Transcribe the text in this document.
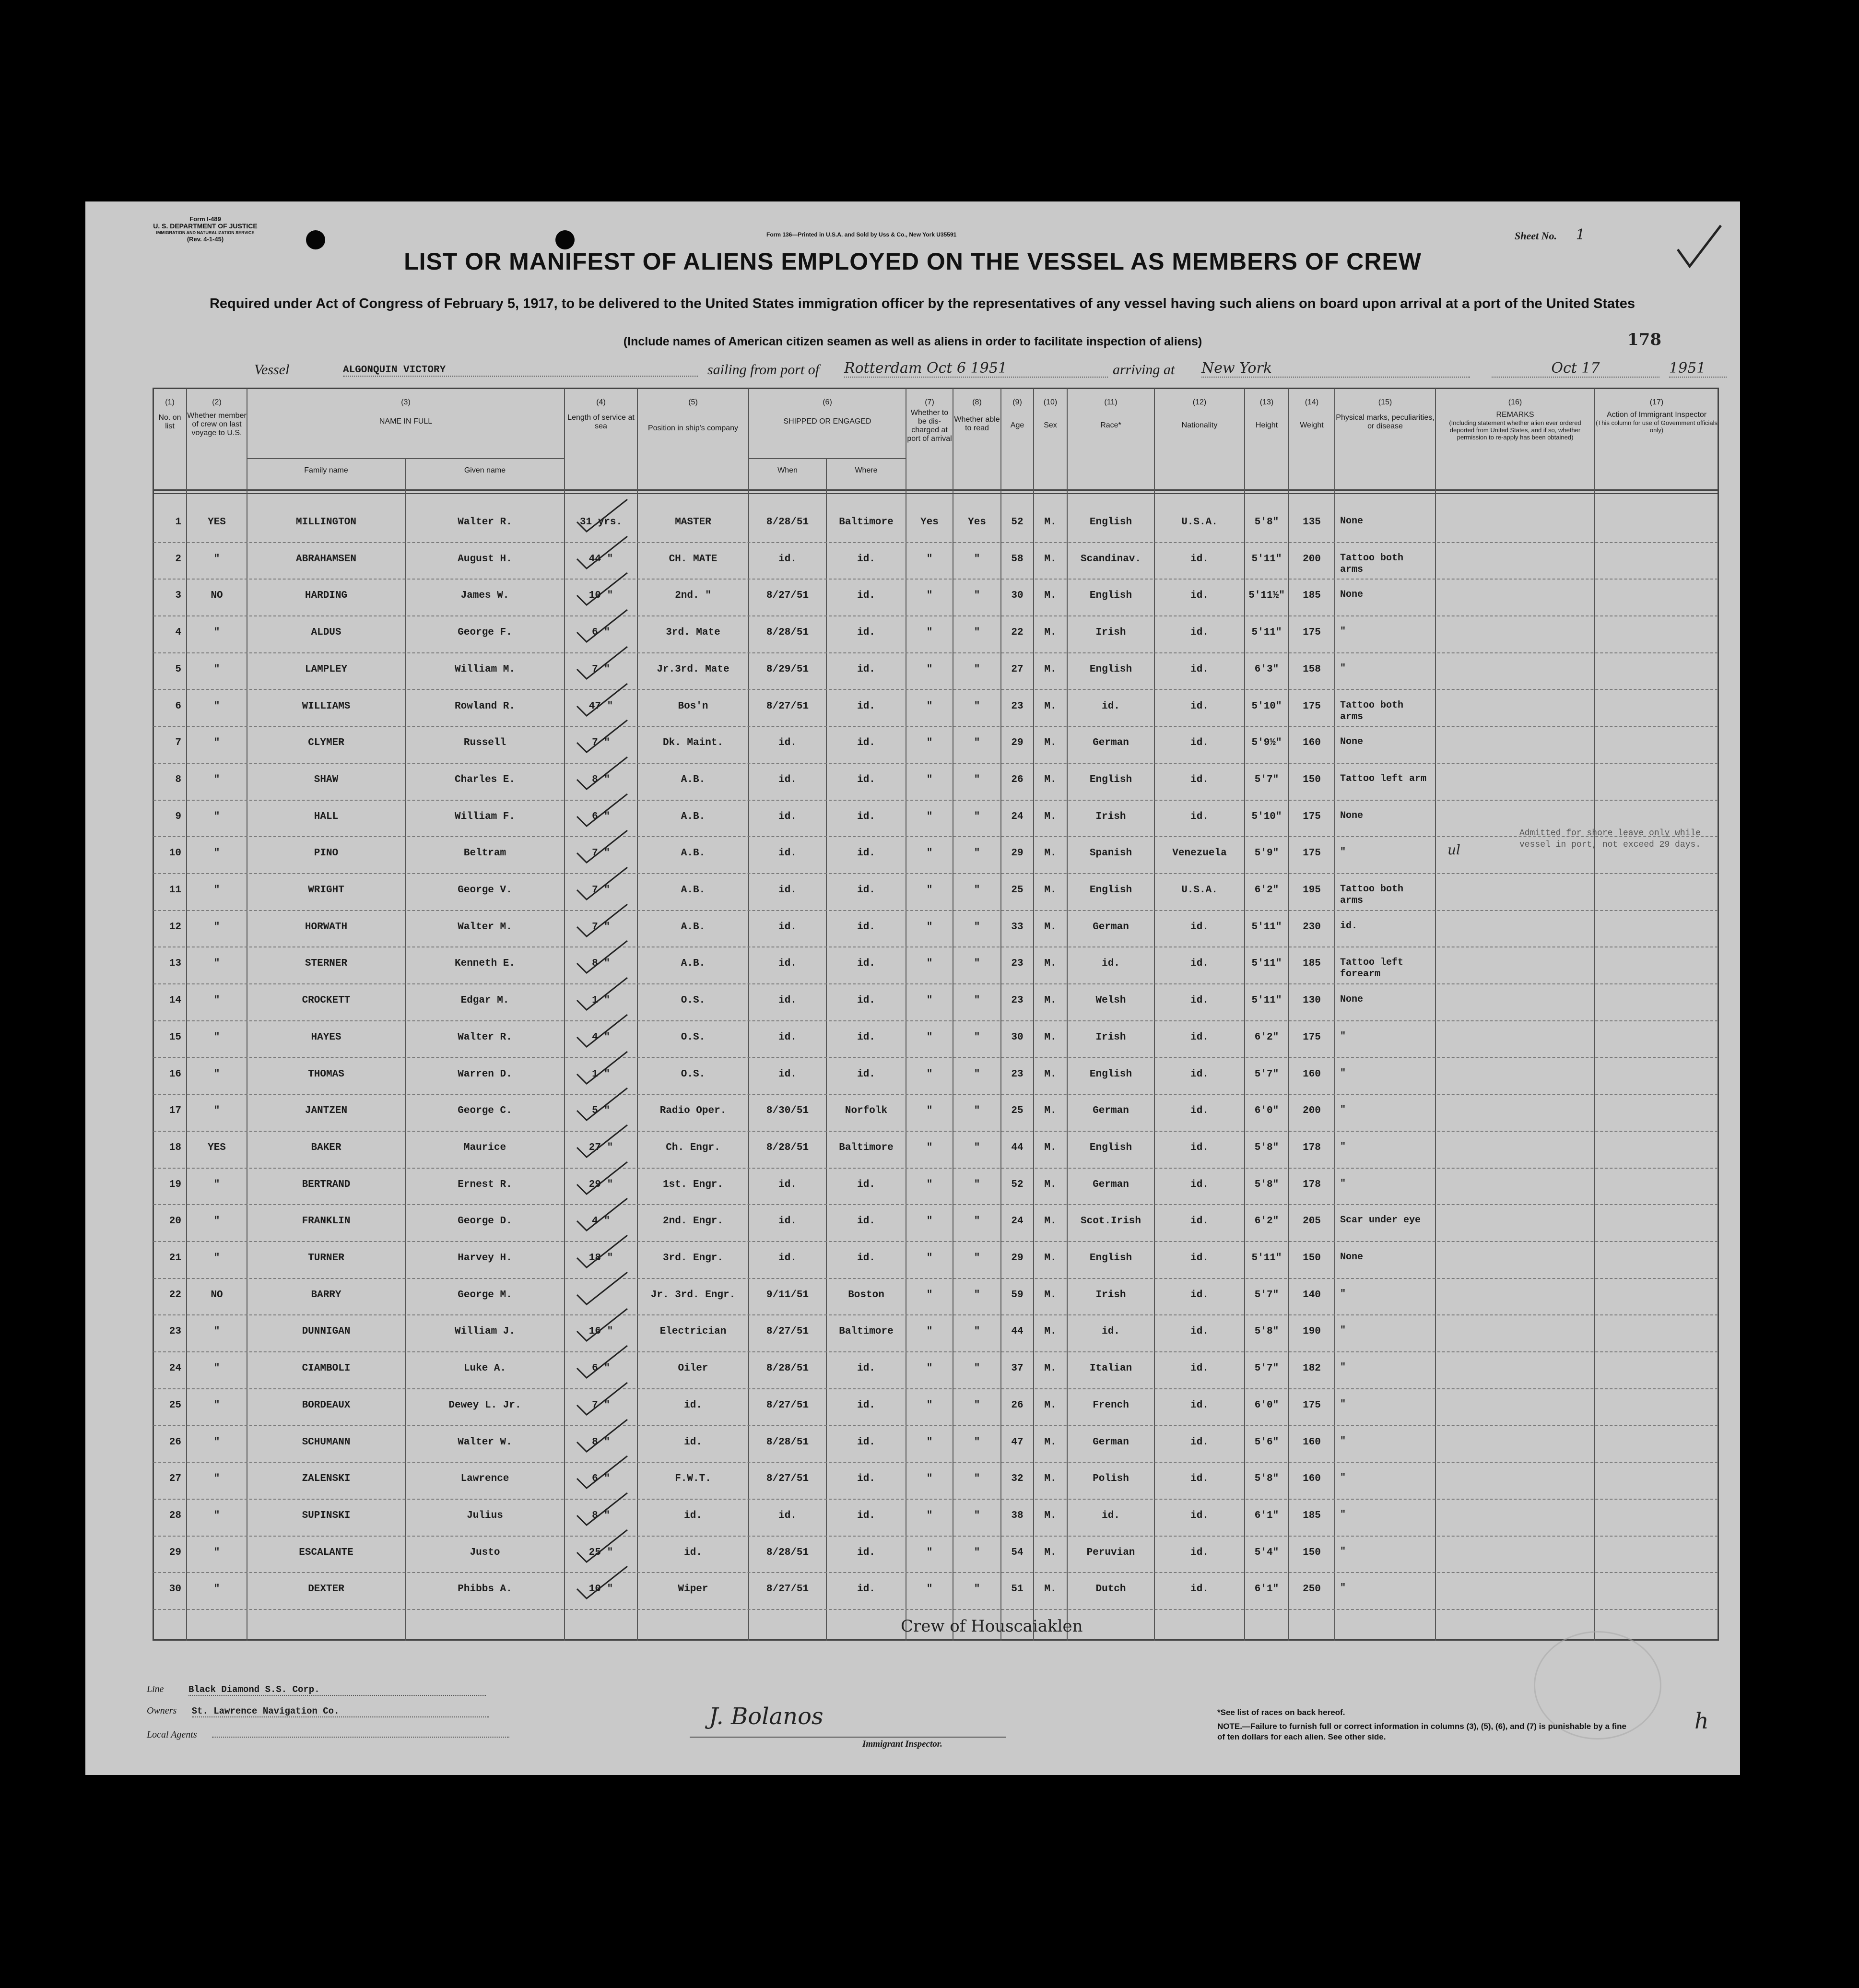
Form I-489
U. S. DEPARTMENT OF JUSTICE
IMMIGRATION AND NATURALIZATION SERVICE
(Rev. 4-1-45)
Form 136—Printed in U.S.A. and Sold by Uss & Co., New York U35591	Sheet No. 1
178
LIST OR MANIFEST OF ALIENS EMPLOYED ON THE VESSEL AS MEMBERS OF CREW
Required under Act of Congress of February 5, 1917, to be delivered to the United States immigration officer by the representatives of any vessel having such aliens on board upon arrival at a port of the United States
(Include names of American citizen seamen as well as aliens in order to facilitate inspection of aliens)
Vessel	ALGONQUIN VICTORY	sailing from port of Rotterdam Oct 6 1951	arriving at New York	Oct 17	1951
(1)
No. on list
(2)
Whether member of crew on last voyage to U.S.
(3)
NAME IN FULL
Family name	Given name
(4)
Length of service at sea
(5)
Position in ship's company
(6)
SHIPPED OR ENGAGED
When	Where
(7)
Whether to be dis-charged at port of arrival
(8)
Whether able to read
(9)
Age
(10)
Sex
(11)
Race*
(12)
Nationality
(13)
Height
(14)
Weight
(15)
Physical marks, peculiarities, or disease
(16)
REMARKS
(Including statement whether alien ever ordered deported from United States, and if so, whether permission to re-apply has been obtained)
(17)
Action of Immigrant Inspector
(This column for use of Government officials only)
1	YES	MILLINGTON	Walter R.	31 yrs.	MASTER	8/28/51	Baltimore	Yes	Yes	52	M.	English	U.S.A.	5'8"	135	None
2	"	ABRAHAMSEN	August H.	44 "	CH. MATE	id.	id.	"	"	58	M.	Scandinav.	id.	5'11"	200	Tattoo both arms
3	NO	HARDING	James W.	10 "	2nd. "	8/27/51	id.	"	"	30	M.	English	id.	5'11½"	185	None
4	"	ALDUS	George F.	6 "	3rd. Mate	8/28/51	id.	"	"	22	M.	Irish	id.	5'11"	175	"
5	"	LAMPLEY	William M.	7 "	Jr.3rd. Mate	8/29/51	id.	"	"	27	M.	English	id.	6'3"	158	"
6	"	WILLIAMS	Rowland R.	47 "	Bos'n	8/27/51	id.	"	"	23	M.	id.	id.	5'10"	175	Tattoo both arms
7	"	CLYMER	Russell	7 "	Dk. Maint.	id.	id.	"	"	29	M.	German	id.	5'9½"	160	None
8	"	SHAW	Charles E.	8 "	A.B.	id.	id.	"	"	26	M.	English	id.	5'7"	150	Tattoo left arm
9	"	HALL	William F.	6 "	A.B.	id.	id.	"	"	24	M.	Irish	id.	5'10"	175	None
10	"	PINO	Beltram	7 "	A.B.	id.	id.	"	"	29	M.	Spanish	Venezuela	5'9"	175	"
11	"	WRIGHT	George V.	7 "	A.B.	id.	id.	"	"	25	M.	English	U.S.A.	6'2"	195	Tattoo both arms
12	"	HORWATH	Walter M.	7 "	A.B.	id.	id.	"	"	33	M.	German	id.	5'11"	230	id.
13	"	STERNER	Kenneth E.	8 "	A.B.	id.	id.	"	"	23	M.	id.	id.	5'11"	185	Tattoo left forearm
14	"	CROCKETT	Edgar M.	1 "	O.S.	id.	id.	"	"	23	M.	Welsh	id.	5'11"	130	None
15	"	HAYES	Walter R.	4 "	O.S.	id.	id.	"	"	30	M.	Irish	id.	6'2"	175	"
16	"	THOMAS	Warren D.	1 "	O.S.	id.	id.	"	"	23	M.	English	id.	5'7"	160	"
17	"	JANTZEN	George C.	5 "	Radio Oper.	8/30/51	Norfolk	"	"	25	M.	German	id.	6'0"	200	"
18	YES	BAKER	Maurice	27 "	Ch. Engr.	8/28/51	Baltimore	"	"	44	M.	English	id.	5'8"	178	"
19	"	BERTRAND	Ernest R.	29 "	1st. Engr.	id.	id.	"	"	52	M.	German	id.	5'8"	178	"
20	"	FRANKLIN	George D.	4 "	2nd. Engr.	id.	id.	"	"	24	M.	Scot.Irish	id.	6'2"	205	Scar under eye
21	"	TURNER	Harvey H.	18 "	3rd. Engr.	id.	id.	"	"	29	M.	English	id.	5'11"	150	None
22	NO	BARRY	George M.	Jr. 3rd. Engr.	9/11/51	Boston	"	"	59	M.	Irish	id.	5'7"	140	"
23	"	DUNNIGAN	William J.	16 "	Electrician	8/27/51	Baltimore	"	"	44	M.	id.	id.	5'8"	190	"
24	"	CIAMBOLI	Luke A.	6 "	Oiler	8/28/51	id.	"	"	37	M.	Italian	id.	5'7"	182	"
25	"	BORDEAUX	Dewey L. Jr.	7 "	id.	8/27/51	id.	"	"	26	M.	French	id.	6'0"	175	"
26	"	SCHUMANN	Walter W.	8 "	id.	8/28/51	id.	"	"	47	M.	German	id.	5'6"	160	"
27	"	ZALENSKI	Lawrence	6 "	F.W.T.	8/27/51	id.	"	"	32	M.	Polish	id.	5'8"	160	"
28	"	SUPINSKI	Julius	8 "	id.	id.	id.	"	"	38	M.	id.	id.	6'1"	185	"
29	"	ESCALANTE	Justo	25 "	id.	8/28/51	id.	"	"	54	M.	Peruvian	id.	5'4"	150	"
30	"	DEXTER	Phibbs A.	10 "	Wiper	8/27/51	id.	"	"	51	M.	Dutch	id.	6'1"	250	"
Admitted for shore leave only while vessel in port, not exceed 29 days.
ul
Crew of Houscaiaklen
Line	Black Diamond S.S. Corp.
Owners St. Lawrence Navigation Co.
Local Agents
J. Bolanos
Immigrant Inspector.
*See list of races on back hereof.
NOTE.—Failure to furnish full or correct information in columns (3), (5), (6), and (7) is punishable by a fine of ten dollars for each alien. See other side.
h
